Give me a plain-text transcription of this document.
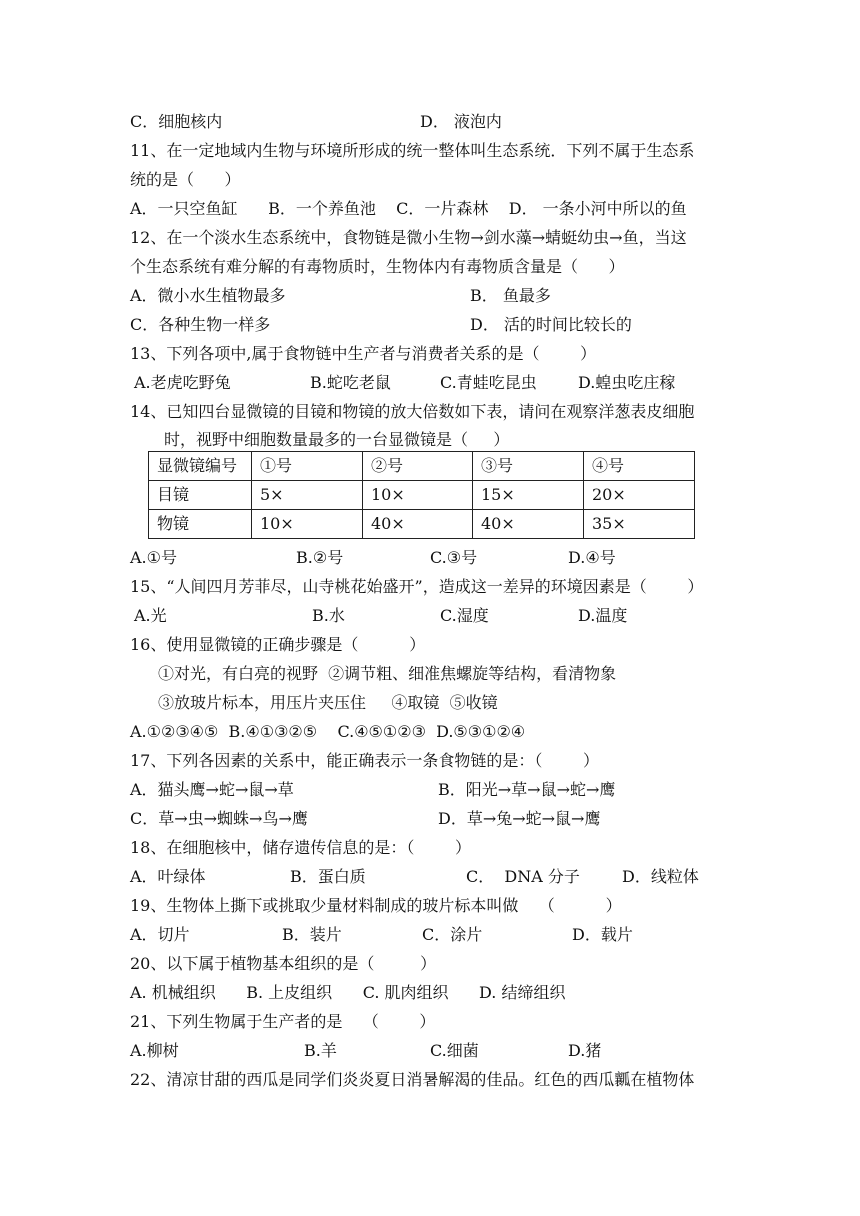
C．细胞核内	D． 液泡内
11、在一定地域内生物与环境所形成的统一整体叫生态系统．下列不属于生态系
统的是（      ）
A．一只空鱼缸      B．一个养鱼池    C．一片森林    D． 一条小河中所以的鱼
12、在一个淡水生态系统中，食物链是微小生物→剑水藻→蜻蜓幼虫→鱼，当这
个生态系统有难分解的有毒物质时，生物体内有毒物质含量是（      ）
A．微小水生植物最多	B． 鱼最多
C．各种生物一样多	D． 活的时间比较长的
13、下列各项中,属于食物链中生产者与消费者关系的是（        ）
A.老虎吃野兔	B.蛇吃老鼠	C.青蛙吃昆虫	D.蝗虫吃庄稼
14、已知四台显微镜的目镜和物镜的放大倍数如下表，请问在观察洋葱表皮细胞
时，视野中细胞数量最多的一台显微镜是（     ）
显微镜编号	①号	②号	③号	④号
目镜	5×	10×	15×	20×
物镜	10×	40×	40×	35×
A.①号	B.②号	C.③号	D.④号
15、“人间四月芳菲尽，山寺桃花始盛开”，造成这一差异的环境因素是（        ）
A.光	B.水	C.湿度	D.温度
16、使用显微镜的正确步骤是（          ）
①对光，有白亮的视野  ②调节粗、细准焦螺旋等结构，看清物象
③放玻片标本，用压片夹压住     ④取镜  ⑤收镜
A.①②③④⑤  B.④①③②⑤    C.④⑤①②③  D.⑤③①②④
17、下列各因素的关系中，能正确表示一条食物链的是：（        ）
A．猫头鹰→蛇→鼠→草	B．阳光→草→鼠→蛇→鹰
C．草→虫→蜘蛛→鸟→鹰	D．草→兔→蛇→鼠→鹰
18、在细胞核中，储存遗传信息的是：（        ）
A．叶绿体	B．蛋白质	C．  DNA 分子	D．线粒体
19、生物体上撕下或挑取少量材料制成的玻片标本叫做    （          ）
A．切片	B．装片	C．涂片	D．载片
20、以下属于植物基本组织的是（         ）
A. 机械组织      B. 上皮组织      C. 肌肉组织      D. 结缔组织
21、下列生物属于生产者的是    （        ）
A.柳树	B.羊	C.细菌	D.猪
22、清凉甘甜的西瓜是同学们炎炎夏日消暑解渴的佳品。红色的西瓜瓤在植物体
